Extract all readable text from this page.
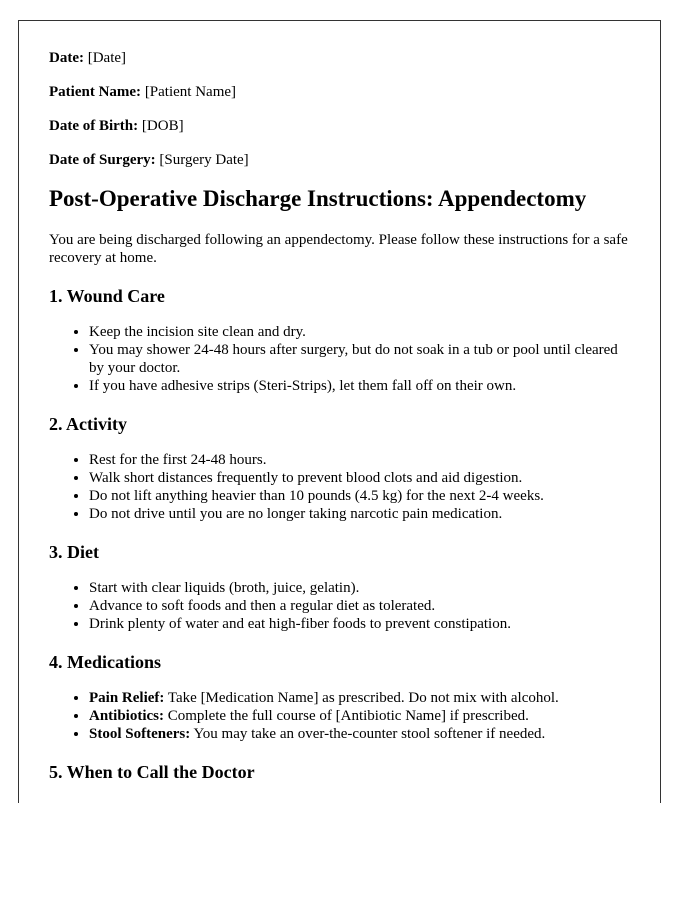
Date: [Date]

Patient Name: [Patient Name]

Date of Birth: [DOB]

Date of Surgery: [Surgery Date]

Post-Operative Discharge Instructions: Appendectomy

You are being discharged following an appendectomy. Please follow these instructions for a safe recovery at home.

1. Wound Care
• Keep the incision site clean and dry.
• You may shower 24-48 hours after surgery, but do not soak in a tub or pool until cleared by your doctor.
• If you have adhesive strips (Steri-Strips), let them fall off on their own.
2. Activity
• Rest for the first 24-48 hours.
• Walk short distances frequently to prevent blood clots and aid digestion.
• Do not lift anything heavier than 10 pounds (4.5 kg) for the next 2-4 weeks.
• Do not drive until you are no longer taking narcotic pain medication.
3. Diet
• Start with clear liquids (broth, juice, gelatin).
• Advance to soft foods and then a regular diet as tolerated.
• Drink plenty of water and eat high-fiber foods to prevent constipation.
4. Medications
• Pain Relief: Take [Medication Name] as prescribed. Do not mix with alcohol.
• Antibiotics: Complete the full course of [Antibiotic Name] if prescribed.
• Stool Softeners: You may take an over-the-counter stool softener if needed.
5. When to Call the Doctor
